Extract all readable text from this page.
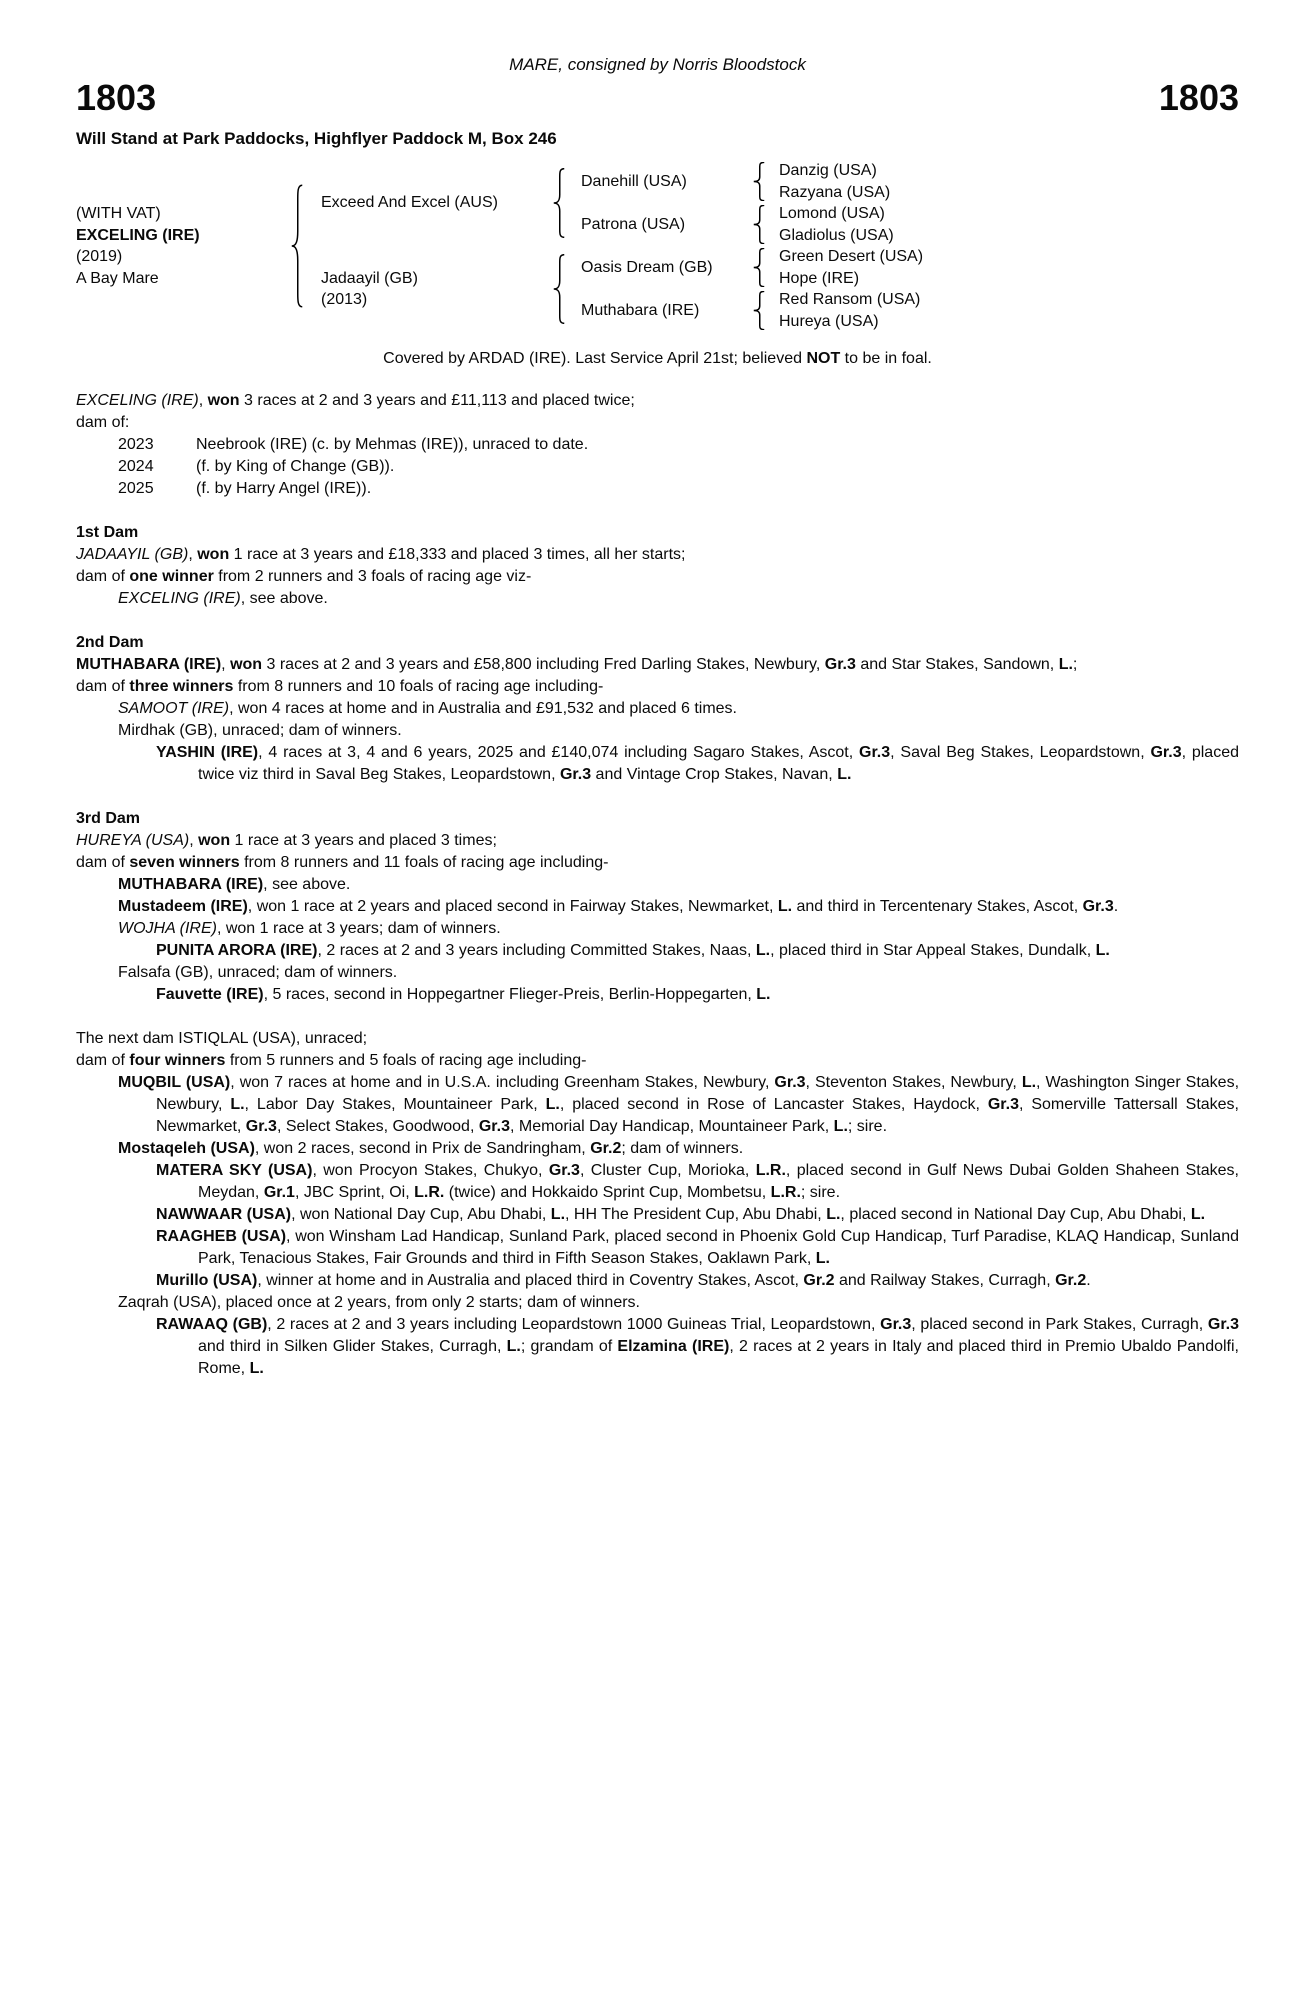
MARE, consigned by Norris Bloodstock
1803	1803
Will Stand at Park Paddocks, Highflyer Paddock M, Box 246
(WITH VAT)
EXCELING (IRE)
(2019)
A Bay Mare
Exceed And Excel (AUS)
Danehill (USA)
Danzig (USA)
Razyana (USA)
Patrona (USA)
Lomond (USA)
Gladiolus (USA)
Jadaayil (GB)
(2013)
Oasis Dream (GB)
Green Desert (USA)
Hope (IRE)
Muthabara (IRE)
Red Ransom (USA)
Hureya (USA)
Covered by ARDAD (IRE). Last Service April 21st; believed NOT to be in foal.
EXCELING (IRE), won 3 races at 2 and 3 years and £11,113 and placed twice;
dam of:
2023	Neebrook (IRE) (c. by Mehmas (IRE)), unraced to date.
2024	(f. by King of Change (GB)).
2025	(f. by Harry Angel (IRE)).
1st Dam
JADAAYIL (GB), won 1 race at 3 years and £18,333 and placed 3 times, all her starts;
dam of one winner from 2 runners and 3 foals of racing age viz-
EXCELING (IRE), see above.
2nd Dam
MUTHABARA (IRE), won 3 races at 2 and 3 years and £58,800 including Fred Darling Stakes, Newbury, Gr.3 and Star Stakes, Sandown, L.;
dam of three winners from 8 runners and 10 foals of racing age including-
SAMOOT (IRE), won 4 races at home and in Australia and £91,532 and placed 6 times.
Mirdhak (GB), unraced; dam of winners.
YASHIN (IRE), 4 races at 3, 4 and 6 years, 2025 and £140,074 including Sagaro Stakes, Ascot, Gr.3, Saval Beg Stakes, Leopardstown, Gr.3, placed twice viz third in Saval Beg Stakes, Leopardstown, Gr.3 and Vintage Crop Stakes, Navan, L.
3rd Dam
HUREYA (USA), won 1 race at 3 years and placed 3 times;
dam of seven winners from 8 runners and 11 foals of racing age including-
MUTHABARA (IRE), see above.
Mustadeem (IRE), won 1 race at 2 years and placed second in Fairway Stakes, Newmarket, L. and third in Tercentenary Stakes, Ascot, Gr.3.
WOJHA (IRE), won 1 race at 3 years; dam of winners.
PUNITA ARORA (IRE), 2 races at 2 and 3 years including Committed Stakes, Naas, L., placed third in Star Appeal Stakes, Dundalk, L.
Falsafa (GB), unraced; dam of winners.
Fauvette (IRE), 5 races, second in Hoppegartner Flieger-Preis, Berlin-Hoppegarten, L.
The next dam ISTIQLAL (USA), unraced;
dam of four winners from 5 runners and 5 foals of racing age including-
MUQBIL (USA), won 7 races at home and in U.S.A. including Greenham Stakes, Newbury, Gr.3, Steventon Stakes, Newbury, L., Washington Singer Stakes, Newbury, L., Labor Day Stakes, Mountaineer Park, L., placed second in Rose of Lancaster Stakes, Haydock, Gr.3, Somerville Tattersall Stakes, Newmarket, Gr.3, Select Stakes, Goodwood, Gr.3, Memorial Day Handicap, Mountaineer Park, L.; sire.
Mostaqeleh (USA), won 2 races, second in Prix de Sandringham, Gr.2; dam of winners.
MATERA SKY (USA), won Procyon Stakes, Chukyo, Gr.3, Cluster Cup, Morioka, L.R., placed second in Gulf News Dubai Golden Shaheen Stakes, Meydan, Gr.1, JBC Sprint, Oi, L.R. (twice) and Hokkaido Sprint Cup, Mombetsu, L.R.; sire.
NAWWAAR (USA), won National Day Cup, Abu Dhabi, L., HH The President Cup, Abu Dhabi, L., placed second in National Day Cup, Abu Dhabi, L.
RAAGHEB (USA), won Winsham Lad Handicap, Sunland Park, placed second in Phoenix Gold Cup Handicap, Turf Paradise, KLAQ Handicap, Sunland Park, Tenacious Stakes, Fair Grounds and third in Fifth Season Stakes, Oaklawn Park, L.
Murillo (USA), winner at home and in Australia and placed third in Coventry Stakes, Ascot, Gr.2 and Railway Stakes, Curragh, Gr.2.
Zaqrah (USA), placed once at 2 years, from only 2 starts; dam of winners.
RAWAAQ (GB), 2 races at 2 and 3 years including Leopardstown 1000 Guineas Trial, Leopardstown, Gr.3, placed second in Park Stakes, Curragh, Gr.3 and third in Silken Glider Stakes, Curragh, L.; grandam of Elzamina (IRE), 2 races at 2 years in Italy and placed third in Premio Ubaldo Pandolfi, Rome, L.
